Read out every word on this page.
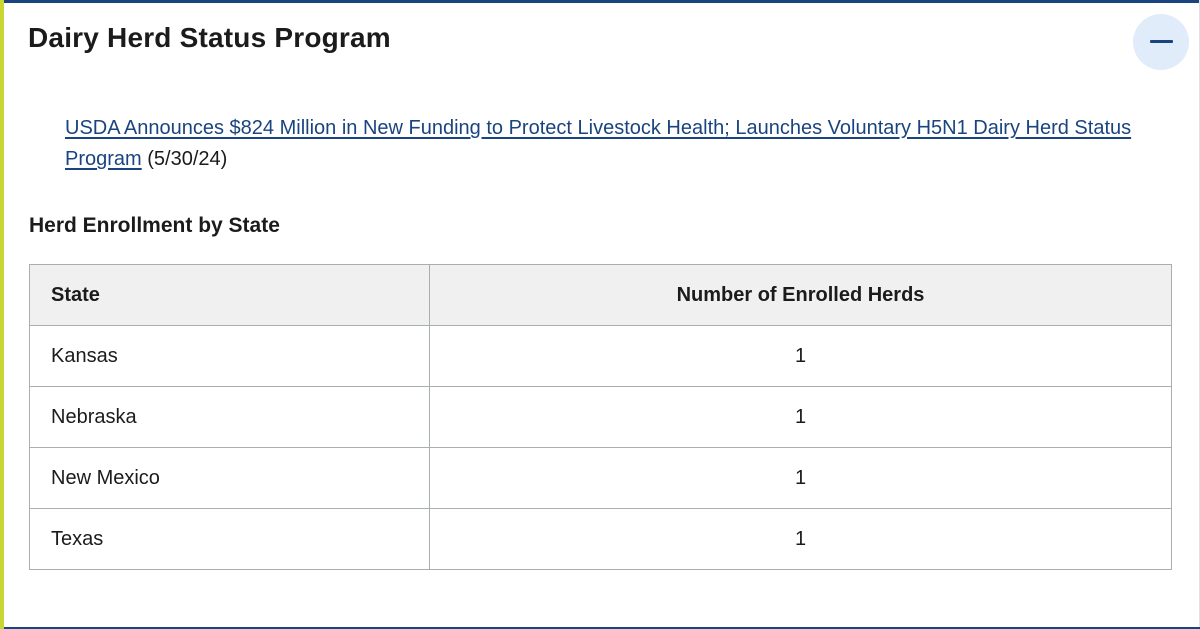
Dairy Herd Status Program
USDA Announces $824 Million in New Funding to Protect Livestock Health; Launches Voluntary H5N1 Dairy Herd Status Program (5/30/24)
Herd Enrollment by State
State	Number of Enrolled Herds
Kansas	1
Nebraska	1
New Mexico	1
Texas	1
